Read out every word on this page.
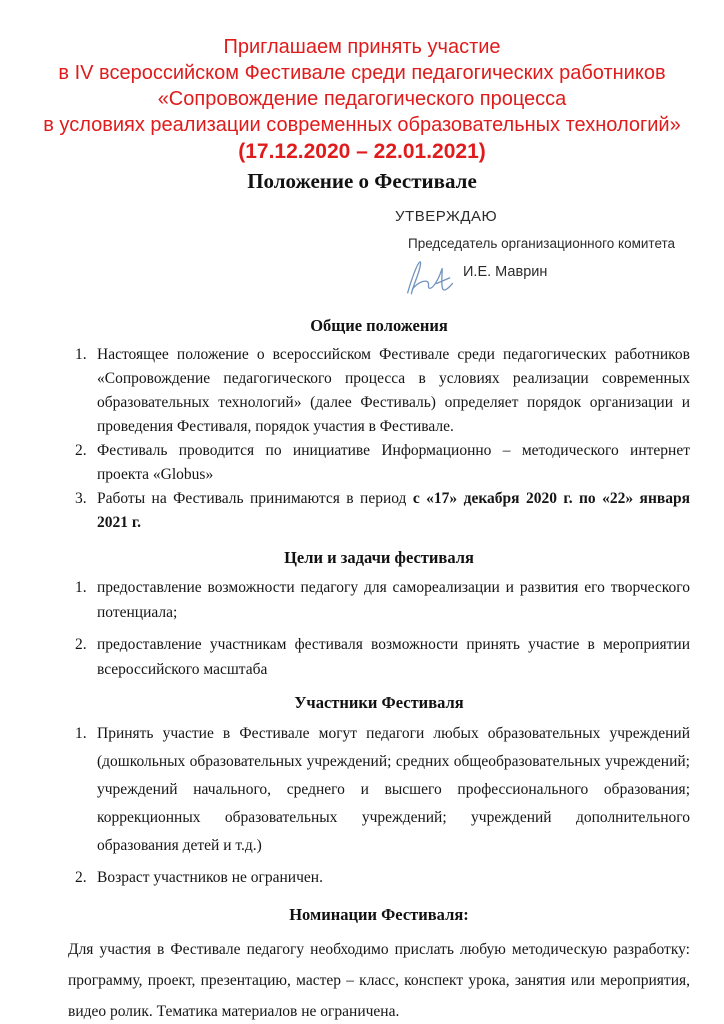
Приглашаем принять участие
в IV всероссийском Фестивале среди педагогических работников
«Сопровождение педагогического процесса
в условиях реализации современных образовательных технологий»
(17.12.2020 – 22.01.2021)
Положение о Фестивале
УТВЕРЖДАЮ
Председатель организационного комитета
И.Е. Маврин
Общие положения
Настоящее положение о всероссийском Фестивале среди педагогических работников «Сопровождение педагогического процесса в условиях реализации современных образовательных технологий» (далее Фестиваль) определяет порядок организации и проведения Фестиваля, порядок участия в Фестивале.
Фестиваль проводится по инициативе Информационно – методического интернет проекта «Globus»
Работы на Фестиваль принимаются в период с «17» декабря 2020 г. по «22» января 2021 г.
Цели и задачи фестиваля
предоставление возможности педагогу для самореализации и развития его творческого потенциала;
предоставление участникам фестиваля возможности принять участие в мероприятии всероссийского масштаба
Участники Фестиваля
Принять участие в Фестивале могут педагоги любых образовательных учреждений (дошкольных образовательных учреждений; средних общеобразовательных учреждений; учреждений начального, среднего и высшего профессионального образования; коррекционных образовательных учреждений; учреждений дополнительного образования детей и т.д.)
Возраст участников не ограничен.
Номинации Фестиваля:

Для участия в Фестивале педагогу необходимо прислать любую методическую разработку: программу, проект, презентацию, мастер – класс, конспект урока, занятия или мероприятия, видео ролик. Тематика материалов не ограничена.
